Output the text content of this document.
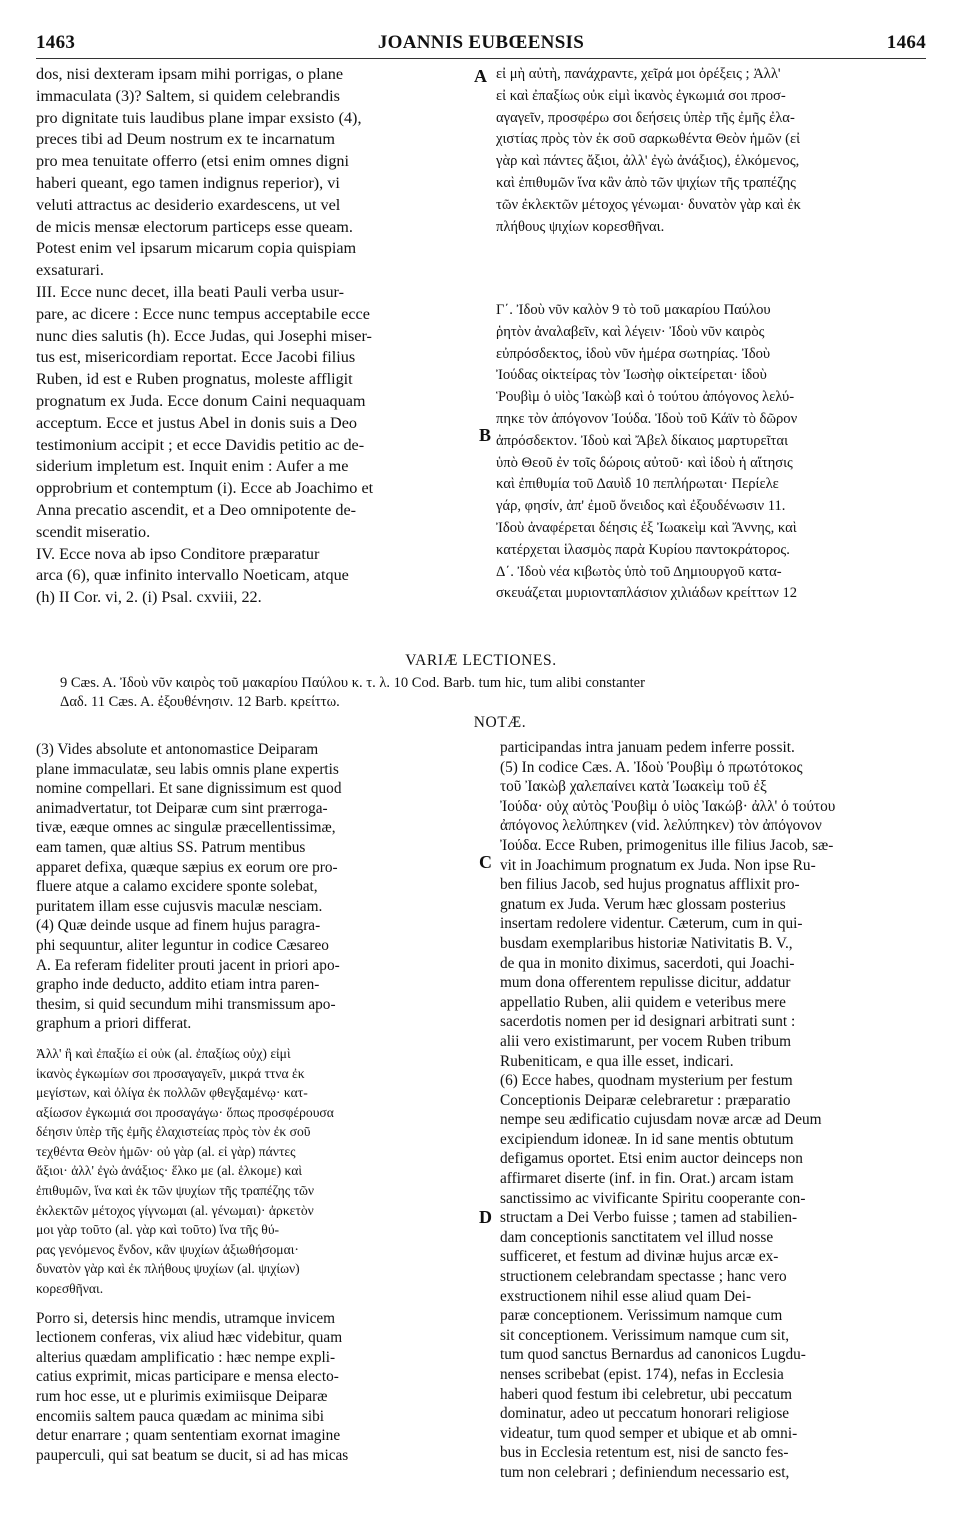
1463	JOANNIS EUBŒENSIS	1464
A
B
C
D
dos, nisi dexteram ipsam mihi porrigas, o plane
immaculata (3)? Saltem, si quidem celebrandis
pro dignitate tuis laudibus plane impar exsisto (4),
preces tibi ad Deum nostrum ex te incarnatum
pro mea tenuitate offerro (etsi enim omnes digni
haberi queant, ego tamen indignus reperior), vi
veluti attractus ac desiderio exardescens, ut vel
de micis mensæ electorum particeps esse queam.
Potest enim vel ipsarum micarum copia quispiam
exsaturari.
III. Ecce nunc decet, illa beati Pauli verba usur-
pare, ac dicere : Ecce nunc tempus acceptabile ecce
nunc dies salutis (h). Ecce Judas, qui Josephi miser-
tus est, misericordiam reportat. Ecce Jacobi filius
Ruben, id est e Ruben prognatus, moleste affligit
prognatum ex Juda. Ecce donum Caini nequaquam
acceptum. Ecce et justus Abel in donis suis a Deo
testimonium accipit ; et ecce Davidis petitio ac de-
siderium impletum est. Inquit enim : Aufer a me
opprobrium et contemptum (i). Ecce ab Joachimo et
Anna precatio ascendit, et a Deo omnipotente de-
scendit miseratio.
IV. Ecce nova ab ipso Conditore præparatur
arca (6), quæ infinito intervallo Noeticam, atque
(h) II Cor. vi, 2. (i) Psal. cxviii, 22.
εἰ μὴ αὐτὴ, πανάχραντε, χεῖρά μοι ὀρέξεις ; Ἀλλ'
εἰ καὶ ἐπαξίως οὐκ εἰμὶ ἱκανὸς ἐγκωμιά σοι προσ-
αγαγεῖν, προσφέρω σοι δεήσεις ὑπὲρ τῆς ἐμῆς ἐλα-
χιστίας πρὸς τὸν ἐκ σοῦ σαρκωθέντα Θεὸν ἡμῶν (εἰ
γὰρ καὶ πάντες ἄξιοι, ἀλλ' ἐγὼ ἀνάξιος), ἑλκόμενος,
καὶ ἐπιθυμῶν ἵνα κἂν ἀπὸ τῶν ψιχίων τῆς τραπέζης
τῶν ἐκλεκτῶν μέτοχος γένωμαι· δυνατὸν γὰρ καὶ ἐκ
πλήθους ψιχίων κορεσθῆναι.
Γ΄. Ἰδοὺ νῦν καλὸν 9 τὸ τοῦ μακαρίου Παύλου
ῥητὸν ἀναλαβεῖν, καὶ λέγειν· Ἰδοὺ νῦν καιρὸς
εὐπρόσδεκτος, ἰδοὺ νῦν ἡμέρα σωτηρίας. Ἰδοὺ
Ἰούδας οἰκτείρας τὸν Ἰωσὴφ οἰκτείρεται· ἰδοὺ
Ῥουβὶμ ὁ υἱὸς Ἰακὼβ καὶ ὁ τούτου ἀπόγονος λελύ-
πηκε τὸν ἀπόγονον Ἰούδα. Ἰδοὺ τοῦ Κάϊν τὸ δῶρον
ἀπρόσδεκτον. Ἰδοὺ καὶ Ἄβελ δίκαιος μαρτυρεῖται
ὑπὸ Θεοῦ ἐν τοῖς δώροις αὐτοῦ· καὶ ἰδοὺ ἡ αἴτησις
καὶ ἐπιθυμία τοῦ Δαυὶδ 10 πεπλήρωται· Περίελε
γάρ, φησίν, ἀπ' ἐμοῦ ὄνειδος καὶ ἐξουδένωσιν 11.
Ἰδοὺ ἀναφέρεται δέησις ἐξ Ἰωακεὶμ καὶ Ἄννης, καὶ
κατέρχεται ἱλασμὸς παρὰ Κυρίου παντοκράτορος.
Δ΄. Ἰδοὺ νέα κιβωτὸς ὑπὸ τοῦ Δημιουργοῦ κατα-
σκευάζεται μυριονταπλάσιον χιλιάδων κρείττων 12
VARIÆ LECTIONES.
9 Cæs. A. Ἰδοὺ νῦν καιρὸς τοῦ μακαρίου Παύλου κ. τ. λ. 10 Cod. Barb. tum hic, tum alibi constanter
Δαδ. 11 Cæs. A. ἐξουθένησιν. 12 Barb. κρείττω.
NOTÆ.
(3) Vides absolute et antonomastice Deiparam
plane immaculatæ, seu labis omnis plane expertis
nomine compellari. Et sane dignissimum est quod
animadvertatur, tot Deiparæ cum sint prærroga-
tivæ, eæque omnes ac singulæ præcellentissimæ,
eam tamen, quæ altius SS. Patrum mentibus
apparet defixa, quæque sæpius ex eorum ore pro-
fluere atque a calamo excidere sponte solebat,
puritatem illam esse cujusvis maculæ nesciam.
(4) Quæ deinde usque ad finem hujus paragra-
phi sequuntur, aliter leguntur in codice Cæsareo
A. Ea referam fideliter prouti jacent in priori apo-
grapho inde deducto, addito etiam intra paren-
thesim, si quid secundum mihi transmissum apo-
graphum a priori differat.
Ἀλλ' ἢ καὶ ἐπαξίω εἰ οὐκ (al. ἐπαξίως οὐχ) εἰμὶ
ἱκανὸς ἐγκωμίων σοι προσαγαγεῖν, μικρά ττνα ἐκ
μεγίστων, καὶ ὀλίγα ἐκ πολλῶν φθεγξαμένῳ· κατ-
αξίωσον ἐγκωμιά σοι προσαγάγω· ὅπως προσφέρουσα
δέησιν ὑπὲρ τῆς ἐμῆς ἐλαχιστείας πρὸς τὸν ἐκ σοῦ
τεχθέντα Θεὸν ἡμῶν· οὐ γὰρ (al. εἰ γὰρ) πάντες
ἄξιοι· ἀλλ' ἐγὼ ἀνάξιος· ἕλκο με (al. ἑλκομε) καὶ
ἐπιθυμῶν, ἵνα καὶ ἐκ τῶν ψυχίων τῆς τραπέζης τῶν
ἐκλεκτῶν μέτοχος γίγνωμαι (al. γένωμαι)· ἀρκετὸν
μοι γὰρ τοῦτο (al. γὰρ καὶ τοῦτο) ἵνα τῆς θύ-
ρας γενόμενος ἔνδον, κἂν ψυχίων ἀξιωθήσομαι·
δυνατὸν γὰρ καὶ ἐκ πλήθους ψυχίων (al. ψιχίων)
κορεσθῆναι.
Porro si, detersis hinc mendis, utramque invicem
lectionem conferas, vix aliud hæc videbitur, quam
alterius quædam amplificatio : hæc nempe expli-
catius exprimit, micas participare e mensa electo-
rum hoc esse, ut e plurimis eximiisque Deiparæ
encomiis saltem pauca quædam ac minima sibi
detur enarrare ; quam sententiam exornat imagine
pauperculi, qui sat beatum se ducit, si ad has micas
participandas intra januam pedem inferre possit.
(5) In codice Cæs. A. Ἰδοὺ Ῥουβὶμ ὁ πρωτότοκος
τοῦ Ἰακὼβ χαλεπαίνει κατὰ Ἰωακεὶμ τοῦ ἐξ
Ἰούδα· οὐχ αὐτὸς Ῥουβὶμ ὁ υἱὸς Ἰακώβ· ἀλλ' ὁ τούτου
ἀπόγονος λελύπηκεν (vid. λελύπηκεν) τὸν ἀπόγονον
Ἰούδα. Ecce Ruben, primogenitus ille filius Jacob, sæ-
vit in Joachimum prognatum ex Juda. Non ipse Ru-
ben filius Jacob, sed hujus prognatus afflixit pro-
gnatum ex Juda. Verum hæc glossam posterius
insertam redolere videntur. Cæterum, cum in qui-
busdam exemplaribus historiæ Nativitatis B. V.,
de qua in monito diximus, sacerdoti, qui Joachi-
mum dona offerentem repulisse dicitur, addatur
appellatio Ruben, alii quidem e veteribus mere
sacerdotis nomen per id designari arbitrati sunt :
alii vero existimarunt, per vocem Ruben tribum
Rubeniticam, e qua ille esset, indicari.
(6) Ecce habes, quodnam mysterium per festum
Conceptionis Deiparæ celebraretur : præparatio
nempe seu ædificatio cujusdam novæ arcæ ad Deum
excipiendum idoneæ. In id sane mentis obtutum
defigamus oportet. Etsi enim auctor deinceps non
affirmaret diserte (inf. in fin. Orat.) arcam istam
sanctissimo ac vivificante Spiritu cooperante con-
structam a Dei Verbo fuisse ; tamen ad stabilien-
dam conceptionis sanctitatem vel illud nosse
sufficeret, et festum ad divinæ hujus arcæ ex-
structionem celebrandam spectasse ; hanc vero
exstructionem nihil esse aliud quam Dei-
paræ conceptionem. Verissimum namque cum
sit conceptionem. Verissimum namque cum sit,
tum quod sanctus Bernardus ad canonicos Lugdu-
nenses scribebat (epist. 174), nefas in Ecclesia
haberi quod festum ibi celebretur, ubi peccatum
dominatur, adeo ut peccatum honorari religiose
videatur, tum quod semper et ubique et ab omni-
bus in Ecclesia retentum est, nisi de sancto fes-
tum non celebrari ; definiendum necessario est,
